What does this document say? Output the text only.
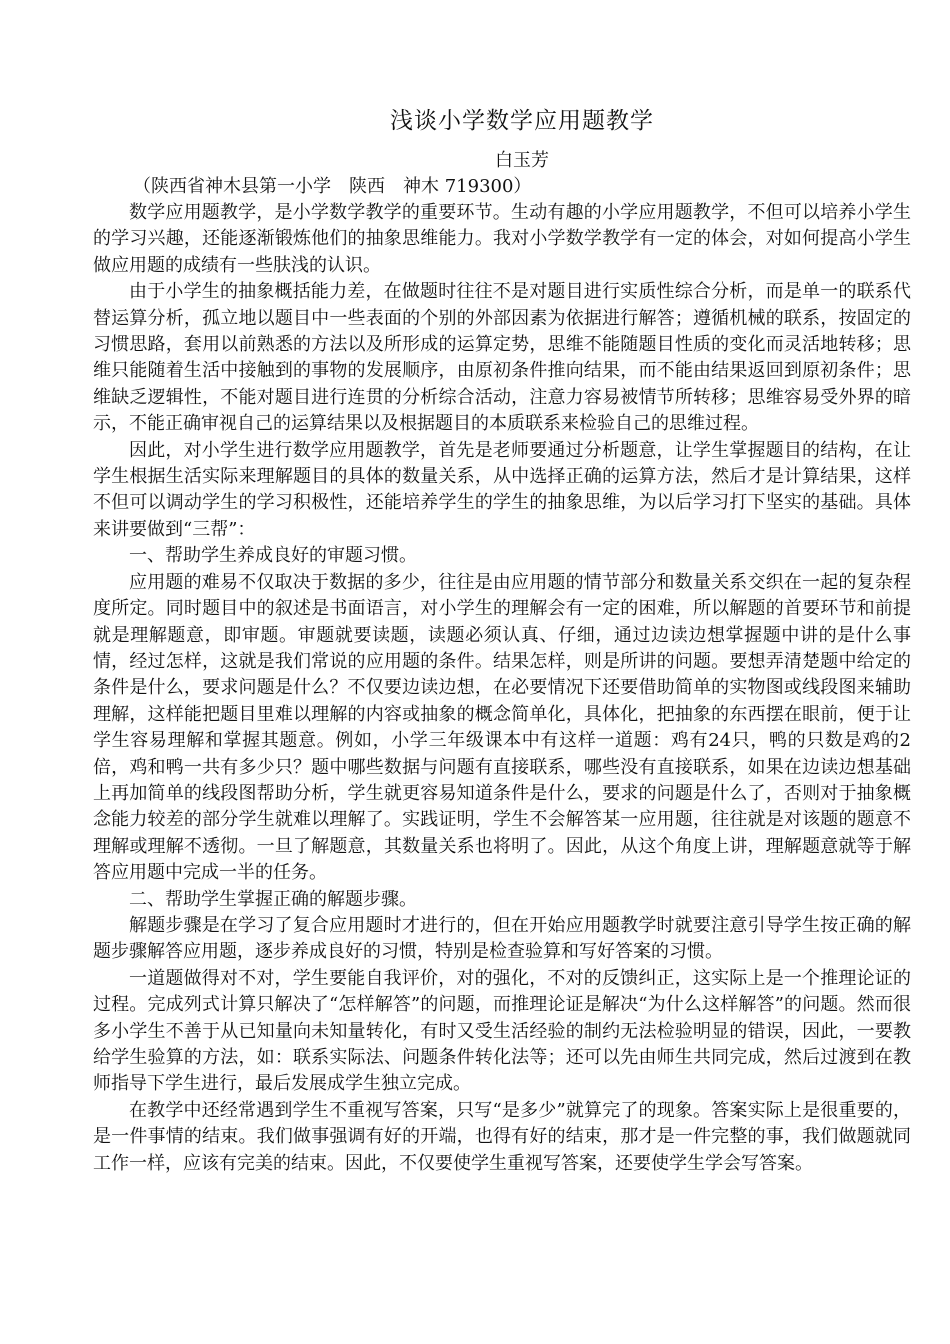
浅谈小学数学应用题教学

白玉芳

（陕西省神木县第一小学　陕西　神木 719300）

数学应用题教学，是小学数学教学的重要环节。生动有趣的小学应用题教学，不但可以培养小学生的学习兴趣，还能逐渐锻炼他们的抽象思维能力。我对小学数学教学有一定的体会，对如何提高小学生做应用题的成绩有一些肤浅的认识。

由于小学生的抽象概括能力差，在做题时往往不是对题目进行实质性综合分析，而是单一的联系代替运算分析，孤立地以题目中一些表面的个别的外部因素为依据进行解答；遵循机械的联系，按固定的习惯思路，套用以前熟悉的方法以及所形成的运算定势，思维不能随题目性质的变化而灵活地转移；思维只能随着生活中接触到的事物的发展顺序，由原初条件推向结果，而不能由结果返回到原初条件；思维缺乏逻辑性，不能对题目进行连贯的分析综合活动，注意力容易被情节所转移；思维容易受外界的暗示，不能正确审视自己的运算结果以及根据题目的本质联系来检验自己的思维过程。

因此，对小学生进行数学应用题教学，首先是老师要通过分析题意，让学生掌握题目的结构，在让学生根据生活实际来理解题目的具体的数量关系，从中选择正确的运算方法，然后才是计算结果，这样不但可以调动学生的学习积极性，还能培养学生的学生的抽象思维，为以后学习打下坚实的基础。具体来讲要做到“三帮”：

一、帮助学生养成良好的审题习惯。

应用题的难易不仅取决于数据的多少，往往是由应用题的情节部分和数量关系交织在一起的复杂程度所定。同时题目中的叙述是书面语言，对小学生的理解会有一定的困难，所以解题的首要环节和前提就是理解题意，即审题。审题就要读题，读题必须认真、仔细，通过边读边想掌握题中讲的是什么事情，经过怎样，这就是我们常说的应用题的条件。结果怎样，则是所讲的问题。要想弄清楚题中给定的条件是什么，要求问题是什么？不仅要边读边想，在必要情况下还要借助简单的实物图或线段图来辅助理解，这样能把题目里难以理解的内容或抽象的概念简单化，具体化，把抽象的东西摆在眼前，便于让学生容易理解和掌握其题意。例如，小学三年级课本中有这样一道题：鸡有24只，鸭的只数是鸡的2倍，鸡和鸭一共有多少只？题中哪些数据与问题有直接联系，哪些没有直接联系，如果在边读边想基础上再加简单的线段图帮助分析，学生就更容易知道条件是什么，要求的问题是什么了，否则对于抽象概念能力较差的部分学生就难以理解了。实践证明，学生不会解答某一应用题，往往就是对该题的题意不理解或理解不透彻。一旦了解题意，其数量关系也将明了。因此，从这个角度上讲，理解题意就等于解答应用题中完成一半的任务。

二、帮助学生掌握正确的解题步骤。

解题步骤是在学习了复合应用题时才进行的，但在开始应用题教学时就要注意引导学生按正确的解题步骤解答应用题，逐步养成良好的习惯，特别是检查验算和写好答案的习惯。

一道题做得对不对，学生要能自我评价，对的强化，不对的反馈纠正，这实际上是一个推理论证的过程。完成列式计算只解决了“怎样解答”的问题，而推理论证是解决“为什么这样解答”的问题。然而很多小学生不善于从已知量向未知量转化，有时又受生活经验的制约无法检验明显的错误，因此，一要教给学生验算的方法，如：联系实际法、问题条件转化法等；还可以先由师生共同完成，然后过渡到在教师指导下学生进行，最后发展成学生独立完成。

在教学中还经常遇到学生不重视写答案，只写“是多少”就算完了的现象。答案实际上是很重要的，是一件事情的结束。我们做事强调有好的开端，也得有好的结束，那才是一件完整的事，我们做题就同工作一样，应该有完美的结束。因此，不仅要使学生重视写答案，还要使学生学会写答案。
